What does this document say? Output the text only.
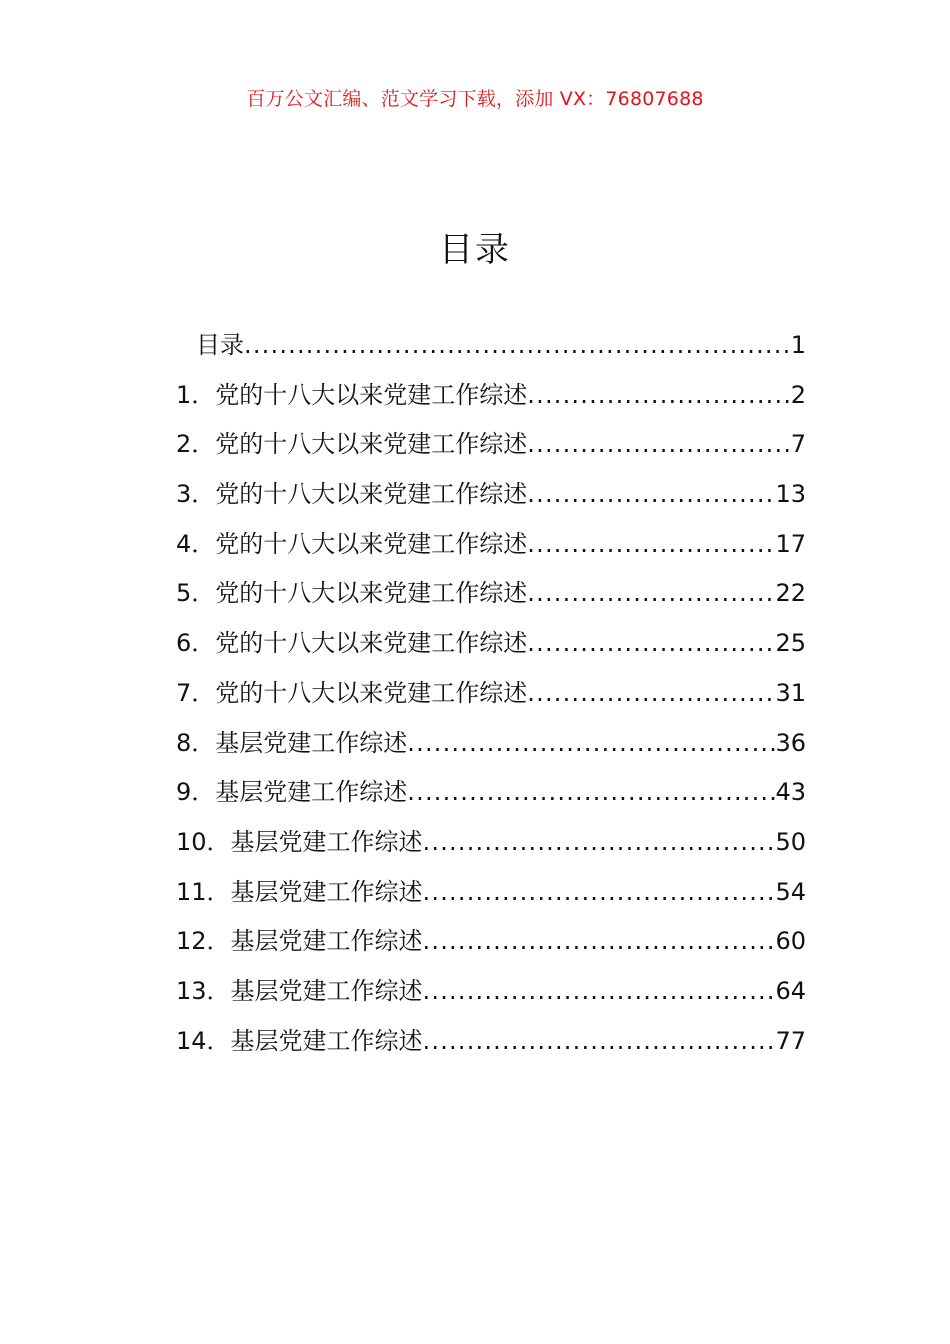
百万公文汇编、范文学习下载，添加 VX：76807688
目录
目录 .....	1
1．党的十八大以来党建工作综述 .....	2
2．党的十八大以来党建工作综述 .....	7
3．党的十八大以来党建工作综述 .....	13
4．党的十八大以来党建工作综述 .....	17
5．党的十八大以来党建工作综述 .....	22
6．党的十八大以来党建工作综述 .....	25
7．党的十八大以来党建工作综述 .....	31
8．基层党建工作综述 .....	36
9．基层党建工作综述 .....	43
10．基层党建工作综述 .....	50
11．基层党建工作综述 .....	54
12．基层党建工作综述 .....	60
13．基层党建工作综述 .....	64
14．基层党建工作综述 .....	77
